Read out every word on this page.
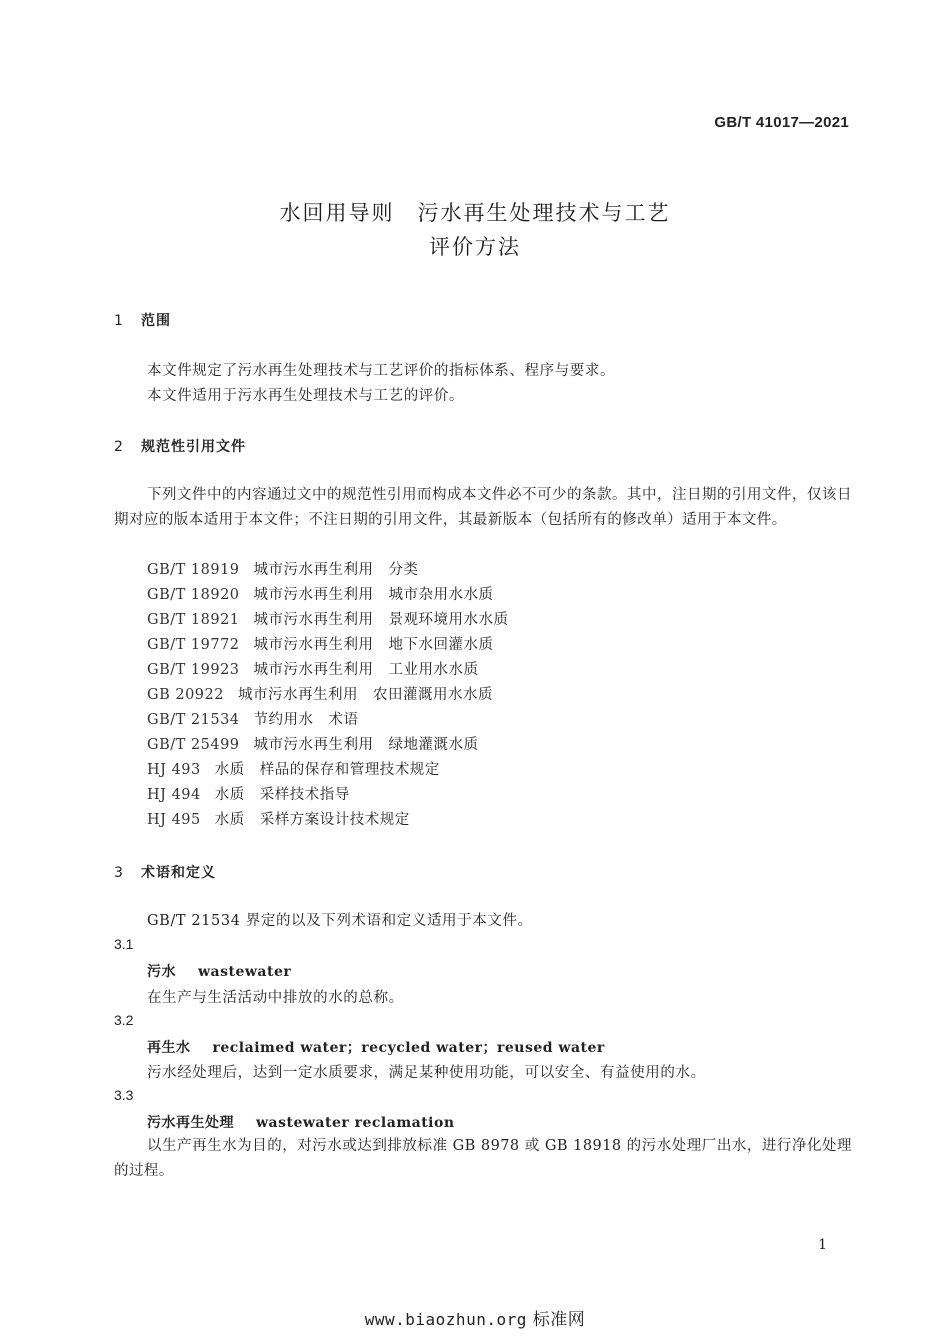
GB/T 41017—2021
水回用导则　污水再生处理技术与工艺
评价方法
1 范围
本文件规定了污水再生处理技术与工艺评价的指标体系、程序与要求。
本文件适用于污水再生处理技术与工艺的评价。
2 规范性引用文件
下列文件中的内容通过文中的规范性引用而构成本文件必不可少的条款。其中，注日期的引用文件，仅该日期对应的版本适用于本文件；不注日期的引用文件，其最新版本（包括所有的修改单）适用于本文件。
GB/T 18919 城市污水再生利用　分类
GB/T 18920 城市污水再生利用　城市杂用水水质
GB/T 18921 城市污水再生利用　景观环境用水水质
GB/T 19772 城市污水再生利用　地下水回灌水质
GB/T 19923 城市污水再生利用　工业用水水质
GB 20922 城市污水再生利用　农田灌溉用水水质
GB/T 21534 节约用水　术语
GB/T 25499 城市污水再生利用　绿地灌溉水质
HJ 493 水质　样品的保存和管理技术规定
HJ 494 水质　采样技术指导
HJ 495 水质　采样方案设计技术规定
3 术语和定义
GB/T 21534 界定的以及下列术语和定义适用于本文件。
3.1
污水 wastewater
在生产与生活活动中排放的水的总称。
3.2
再生水 reclaimed water；recycled water；reused water
污水经处理后，达到一定水质要求，满足某种使用功能，可以安全、有益使用的水。
3.3
污水再生处理 wastewater reclamation
以生产再生水为目的，对污水或达到排放标准 GB 8978 或 GB 18918 的污水处理厂出水，进行净化处理的过程。
1
www.biaozhun.org 标准网
